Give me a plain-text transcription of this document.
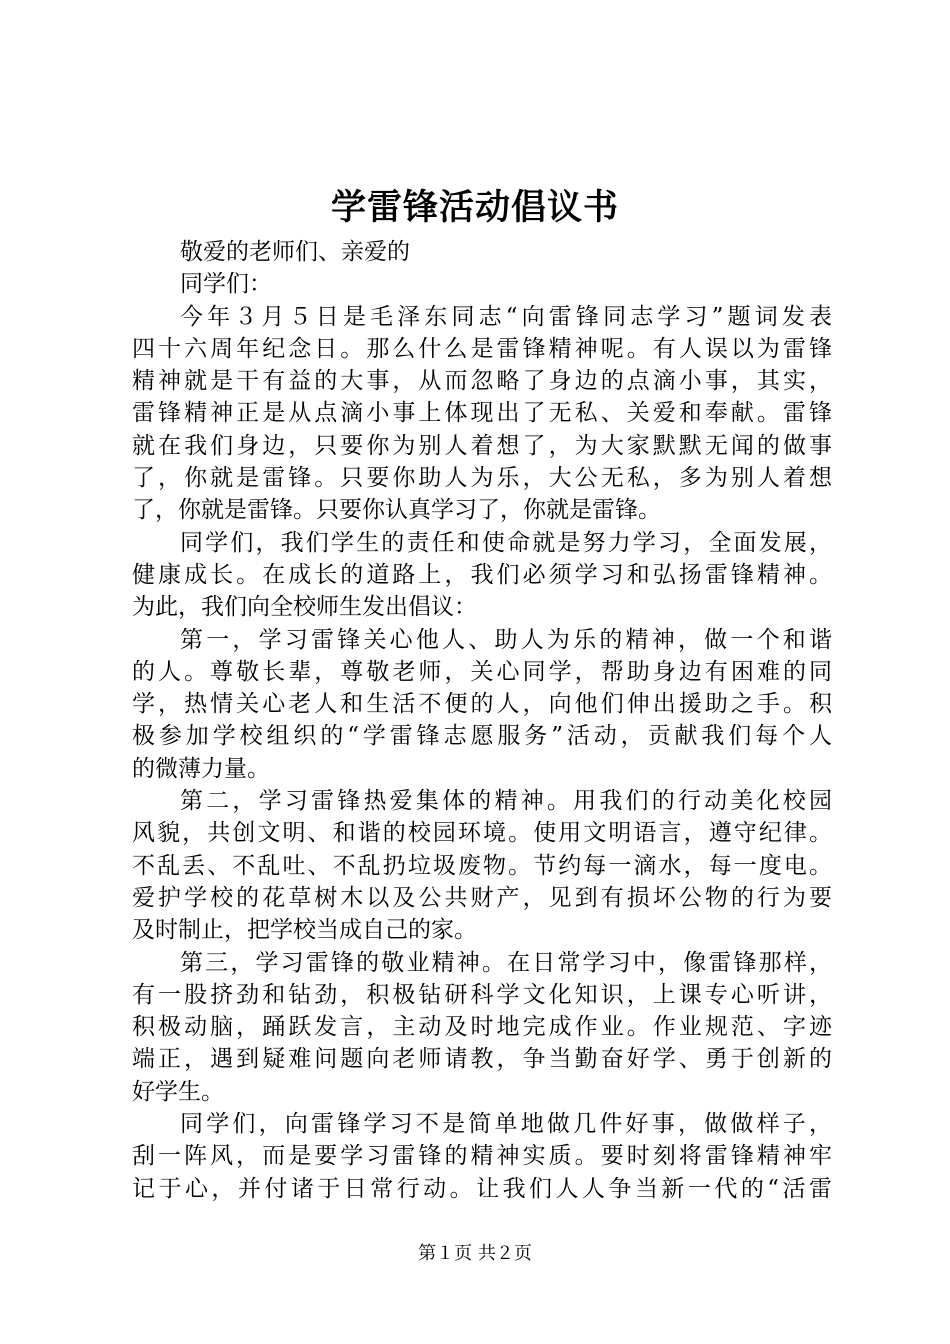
学雷锋活动倡议书
敬爱的老师们、亲爱的
同学们：
今年３月５日是毛泽东同志“向雷锋同志学习”题词发表
四十六周年纪念日。那么什么是雷锋精神呢。有人误以为雷锋
精神就是干有益的大事，从而忽略了身边的点滴小事，其实，
雷锋精神正是从点滴小事上体现出了无私、关爱和奉献。雷锋
就在我们身边，只要你为别人着想了，为大家默默无闻的做事
了，你就是雷锋。只要你助人为乐，大公无私，多为别人着想
了，你就是雷锋。只要你认真学习了，你就是雷锋。
同学们，我们学生的责任和使命就是努力学习，全面发展，
健康成长。在成长的道路上，我们必须学习和弘扬雷锋精神。
为此，我们向全校师生发出倡议：
第一，学习雷锋关心他人、助人为乐的精神，做一个和谐
的人。尊敬长辈，尊敬老师，关心同学，帮助身边有困难的同
学，热情关心老人和生活不便的人，向他们伸出援助之手。积
极参加学校组织的“学雷锋志愿服务”活动，贡献我们每个人
的微薄力量。
第二，学习雷锋热爱集体的精神。用我们的行动美化校园
风貌，共创文明、和谐的校园环境。使用文明语言，遵守纪律。
不乱丢、不乱吐、不乱扔垃圾废物。节约每一滴水，每一度电。
爱护学校的花草树木以及公共财产，见到有损坏公物的行为要
及时制止，把学校当成自己的家。
第三，学习雷锋的敬业精神。在日常学习中，像雷锋那样，
有一股挤劲和钻劲，积极钻研科学文化知识，上课专心听讲，
积极动脑，踊跃发言，主动及时地完成作业。作业规范、字迹
端正，遇到疑难问题向老师请教，争当勤奋好学、勇于创新的
好学生。
同学们，向雷锋学习不是简单地做几件好事，做做样子，
刮一阵风，而是要学习雷锋的精神实质。要时刻将雷锋精神牢
记于心，并付诸于日常行动。让我们人人争当新一代的“活雷
第１页 共２页
